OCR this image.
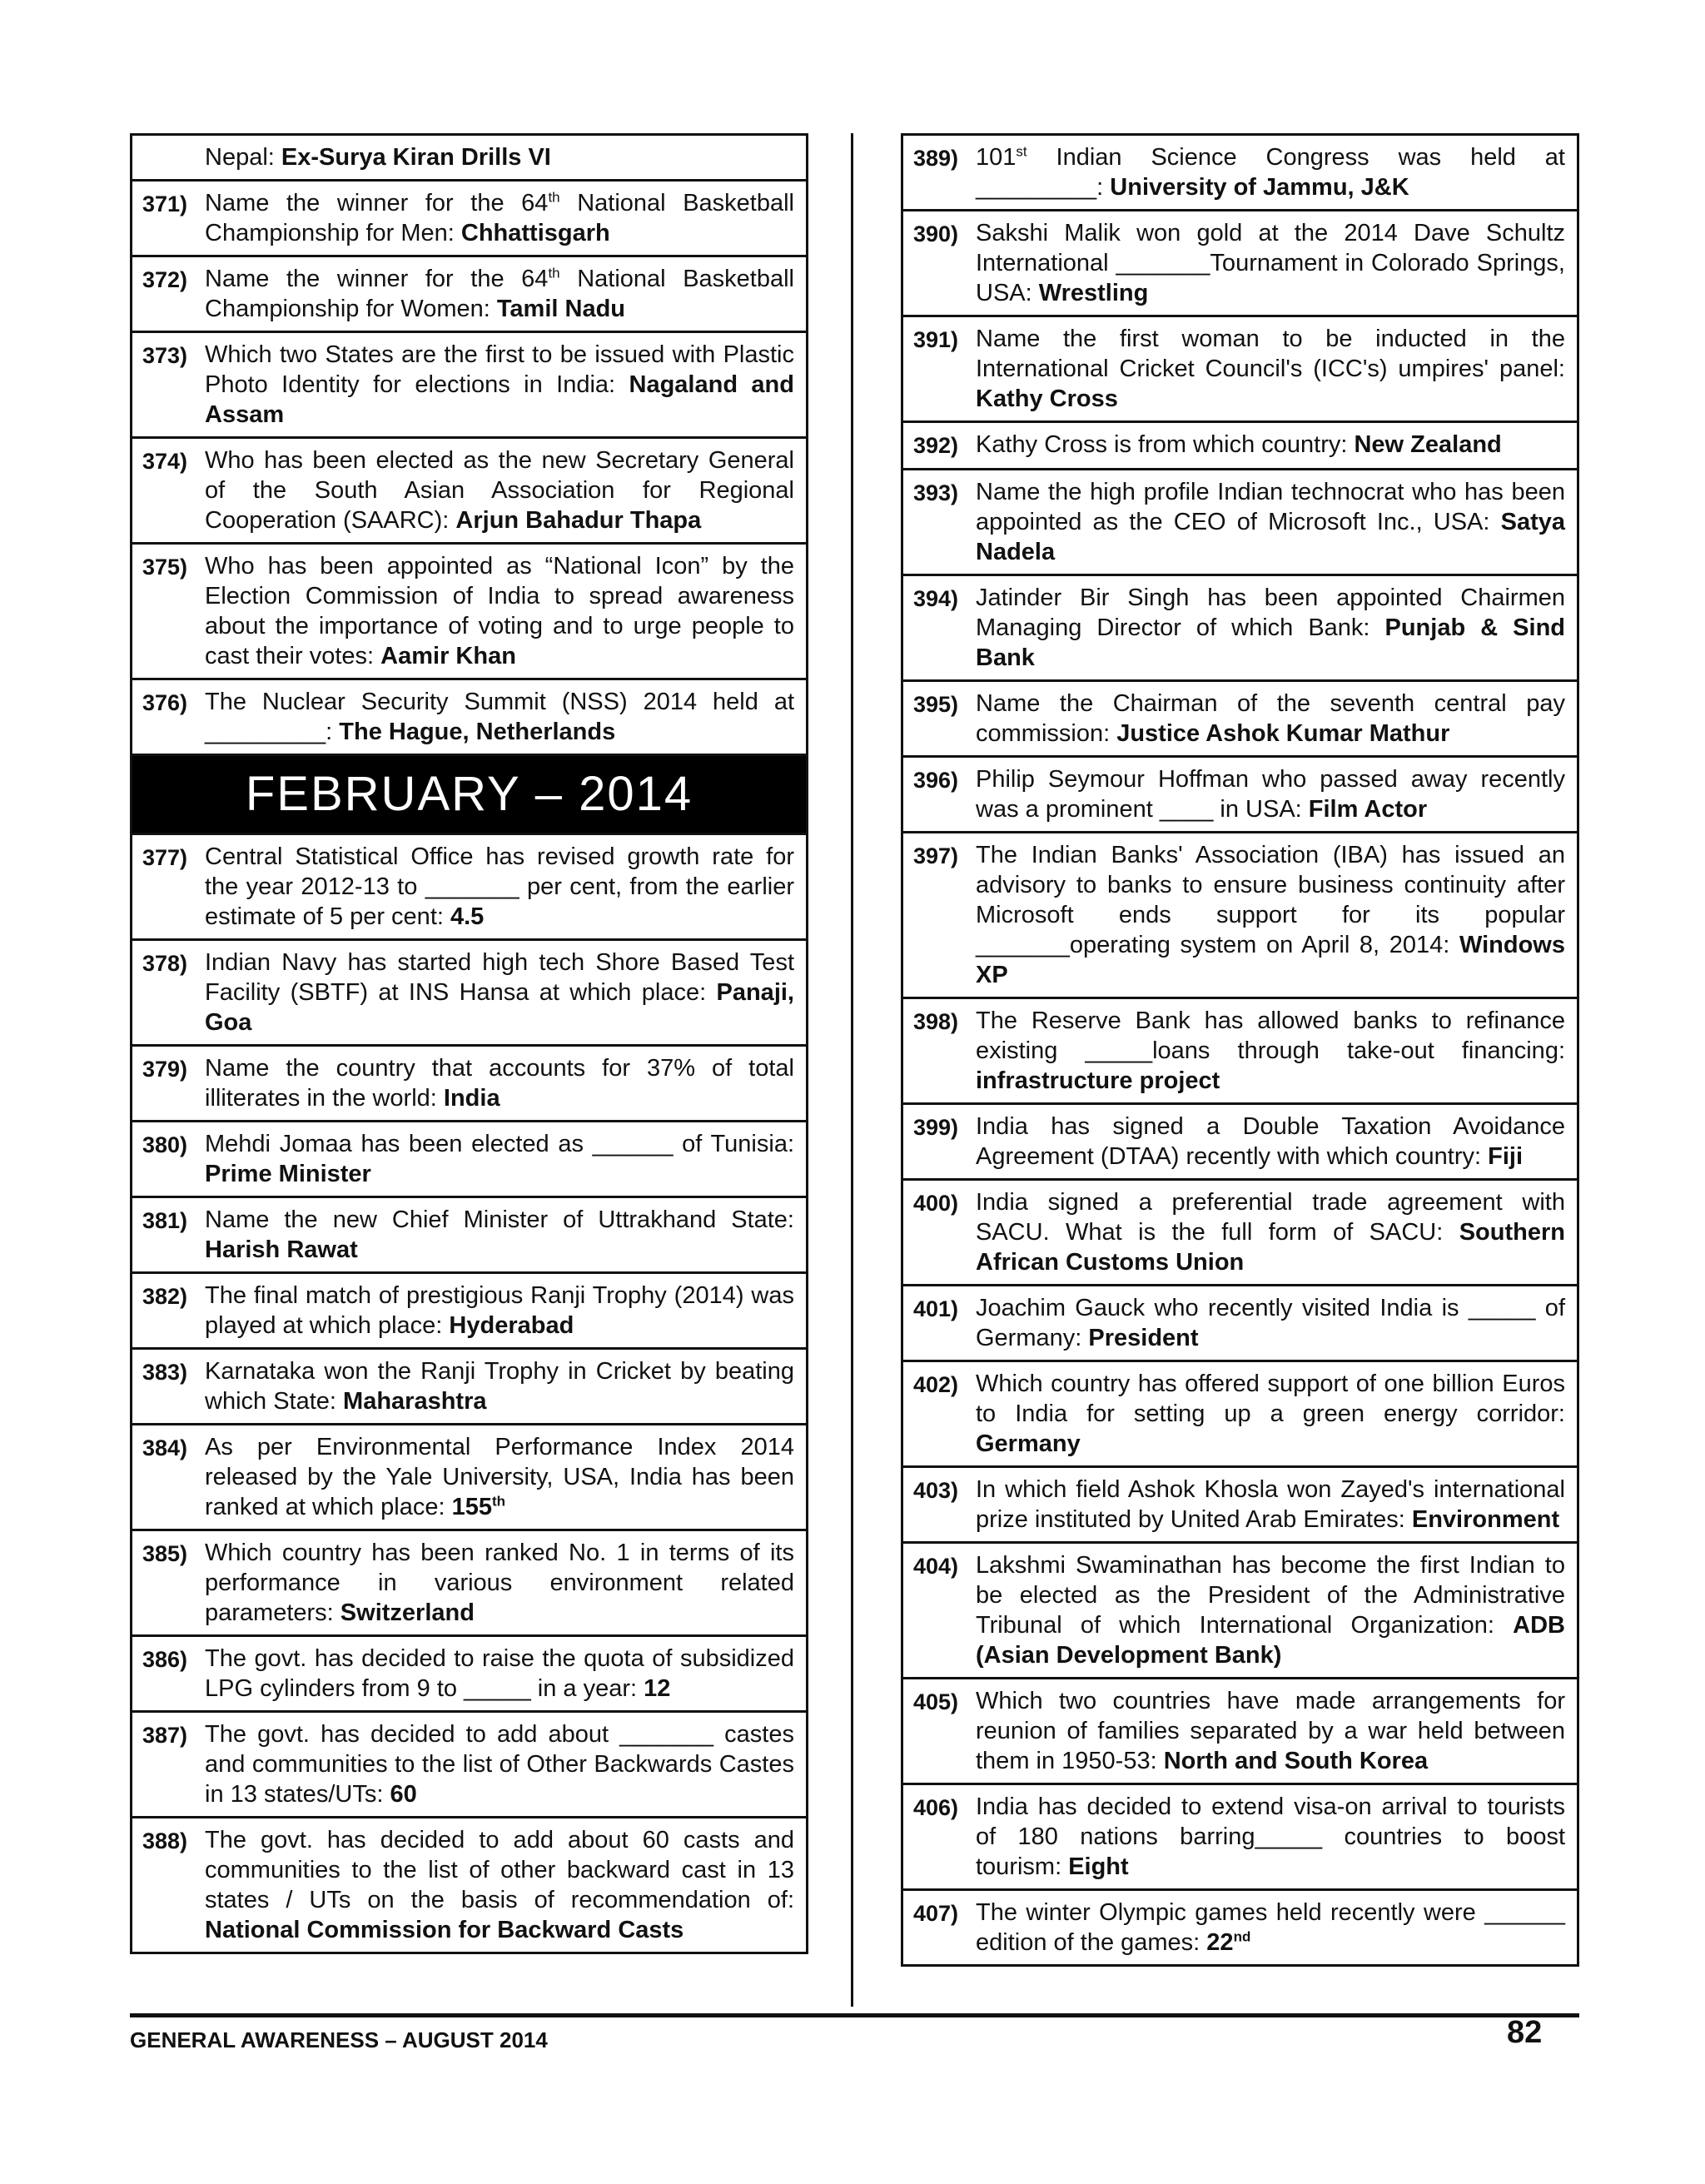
Nepal: Ex-Surya Kiran Drills VI
371) Name the winner for the 64th National Basketball Championship for Men: Chhattisgarh
372) Name the winner for the 64th National Basketball Championship for Women: Tamil Nadu
373) Which two States are the first to be issued with Plastic Photo Identity for elections in India: Nagaland and Assam
374) Who has been elected as the new Secretary General of the South Asian Association for Regional Cooperation (SAARC): Arjun Bahadur Thapa
375) Who has been appointed as “National Icon” by the Election Commission of India to spread awareness about the importance of voting and to urge people to cast their votes: Aamir Khan
376) The Nuclear Security Summit (NSS) 2014 held at _________: The Hague, Netherlands
FEBRUARY – 2014
377) Central Statistical Office has revised growth rate for the year 2012-13 to _______ per cent, from the earlier estimate of 5 per cent: 4.5
378) Indian Navy has started high tech Shore Based Test Facility (SBTF) at INS Hansa at which place: Panaji, Goa
379) Name the country that accounts for 37% of total illiterates in the world: India
380) Mehdi Jomaa has been elected as ______ of Tunisia: Prime Minister
381) Name the new Chief Minister of Uttrakhand State: Harish Rawat
382) The final match of prestigious Ranji Trophy (2014) was played at which place: Hyderabad
383) Karnataka won the Ranji Trophy in Cricket by beating which State: Maharashtra
384) As per Environmental Performance Index 2014 released by the Yale University, USA, India has been ranked at which place: 155th
385) Which country has been ranked No. 1 in terms of its performance in various environment related parameters: Switzerland
386) The govt. has decided to raise the quota of subsidized LPG cylinders from 9 to _____ in a year: 12
387) The govt. has decided to add about _______ castes and communities to the list of Other Backwards Castes in 13 states/UTs: 60
388) The govt. has decided to add about 60 casts and communities to the list of other backward cast in 13 states / UTs on the basis of recommendation of: National Commission for Backward Casts
389) 101st Indian Science Congress was held at _________: University of Jammu, J&K
390) Sakshi Malik won gold at the 2014 Dave Schultz International _______Tournament in Colorado Springs, USA: Wrestling
391) Name the first woman to be inducted in the International Cricket Council's (ICC's) umpires' panel: Kathy Cross
392) Kathy Cross is from which country: New Zealand
393) Name the high profile Indian technocrat who has been appointed as the CEO of Microsoft Inc., USA: Satya Nadela
394) Jatinder Bir Singh has been appointed Chairmen Managing Director of which Bank: Punjab & Sind Bank
395) Name the Chairman of the seventh central pay commission: Justice Ashok Kumar Mathur
396) Philip Seymour Hoffman who passed away recently was a prominent ____ in USA: Film Actor
397) The Indian Banks' Association (IBA) has issued an advisory to banks to ensure business continuity after Microsoft ends support for its popular _______operating system on April 8, 2014: Windows XP
398) The Reserve Bank has allowed banks to refinance existing _____loans through take-out financing: infrastructure project
399) India has signed a Double Taxation Avoidance Agreement (DTAA) recently with which country: Fiji
400) India signed a preferential trade agreement with SACU. What is the full form of SACU: Southern African Customs Union
401) Joachim Gauck who recently visited India is _____ of Germany: President
402) Which country has offered support of one billion Euros to India for setting up a green energy corridor: Germany
403) In which field Ashok Khosla won Zayed's international prize instituted by United Arab Emirates: Environment
404) Lakshmi Swaminathan has become the first Indian to be elected as the President of the Administrative Tribunal of which International Organization: ADB (Asian Development Bank)
405) Which two countries have made arrangements for reunion of families separated by a war held between them in 1950-53: North and South Korea
406) India has decided to extend visa-on arrival to tourists of 180 nations barring_____ countries to boost tourism: Eight
407) The winter Olympic games held recently were ______ edition of the games: 22nd
GENERAL AWARENESS – AUGUST 2014	82
